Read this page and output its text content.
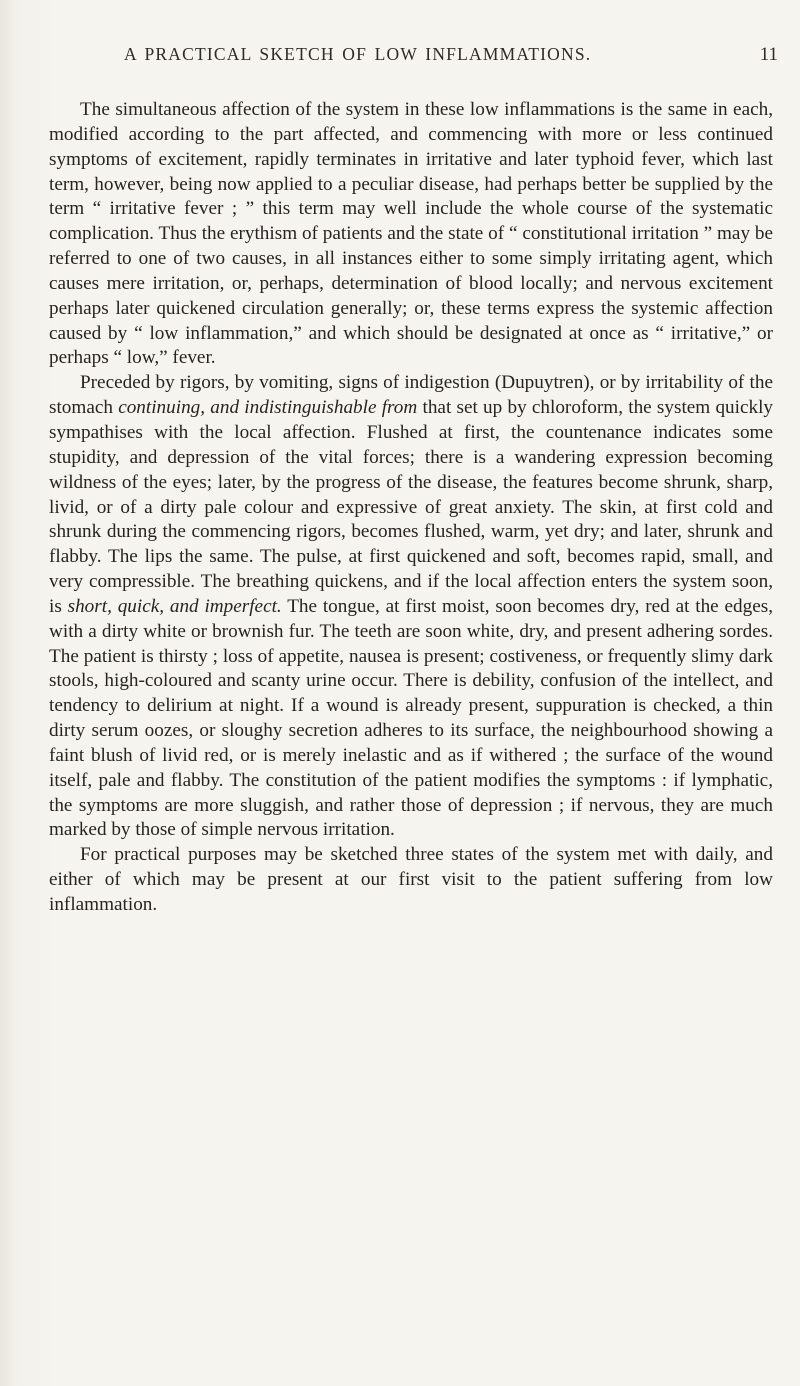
A PRACTICAL SKETCH OF LOW INFLAMMATIONS.	11

The simultaneous affection of the system in these low inflammations is the same in each, modified according to the part affected, and commencing with more or less continued symptoms of excitement, rapidly terminates in irritative and later typhoid fever, which last term, however, being now applied to a peculiar disease, had perhaps better be supplied by the term “ irritative fever ; ” this term may well include the whole course of the systematic complication. Thus the erythism of patients and the state of “ constitutional irritation ” may be referred to one of two causes, in all instances either to some simply irritating agent, which causes mere irritation, or, perhaps, determination of blood locally; and nervous excitement perhaps later quickened circulation generally; or, these terms express the systemic affection caused by “ low inflammation,” and which should be designated at once as “ irritative,” or perhaps “ low,” fever.

Preceded by rigors, by vomiting, signs of indigestion (Dupuytren), or by irritability of the stomach continuing, and indistinguishable from that set up by chloroform, the system quickly sympathises with the local affection. Flushed at first, the countenance indicates some stupidity, and depression of the vital forces; there is a wandering expression becoming wildness of the eyes; later, by the progress of the disease, the features become shrunk, sharp, livid, or of a dirty pale colour and expressive of great anxiety. The skin, at first cold and shrunk during the commencing rigors, becomes flushed, warm, yet dry; and later, shrunk and flabby. The lips the same. The pulse, at first quickened and soft, becomes rapid, small, and very compressible. The breathing quickens, and if the local affection enters the system soon, is short, quick, and imperfect. The tongue, at first moist, soon becomes dry, red at the edges, with a dirty white or brownish fur. The teeth are soon white, dry, and present adhering sordes. The patient is thirsty ; loss of appetite, nausea is present; costiveness, or frequently slimy dark stools, high-coloured and scanty urine occur. There is debility, confusion of the intellect, and tendency to delirium at night. If a wound is already present, suppuration is checked, a thin dirty serum oozes, or sloughy secretion adheres to its surface, the neighbourhood showing a faint blush of livid red, or is merely inelastic and as if withered ; the surface of the wound itself, pale and flabby. The constitution of the patient modifies the symptoms : if lymphatic, the symptoms are more sluggish, and rather those of depression ; if nervous, they are much marked by those of simple nervous irritation.

For practical purposes may be sketched three states of the system met with daily, and either of which may be present at our first visit to the patient suffering from low inflammation.
